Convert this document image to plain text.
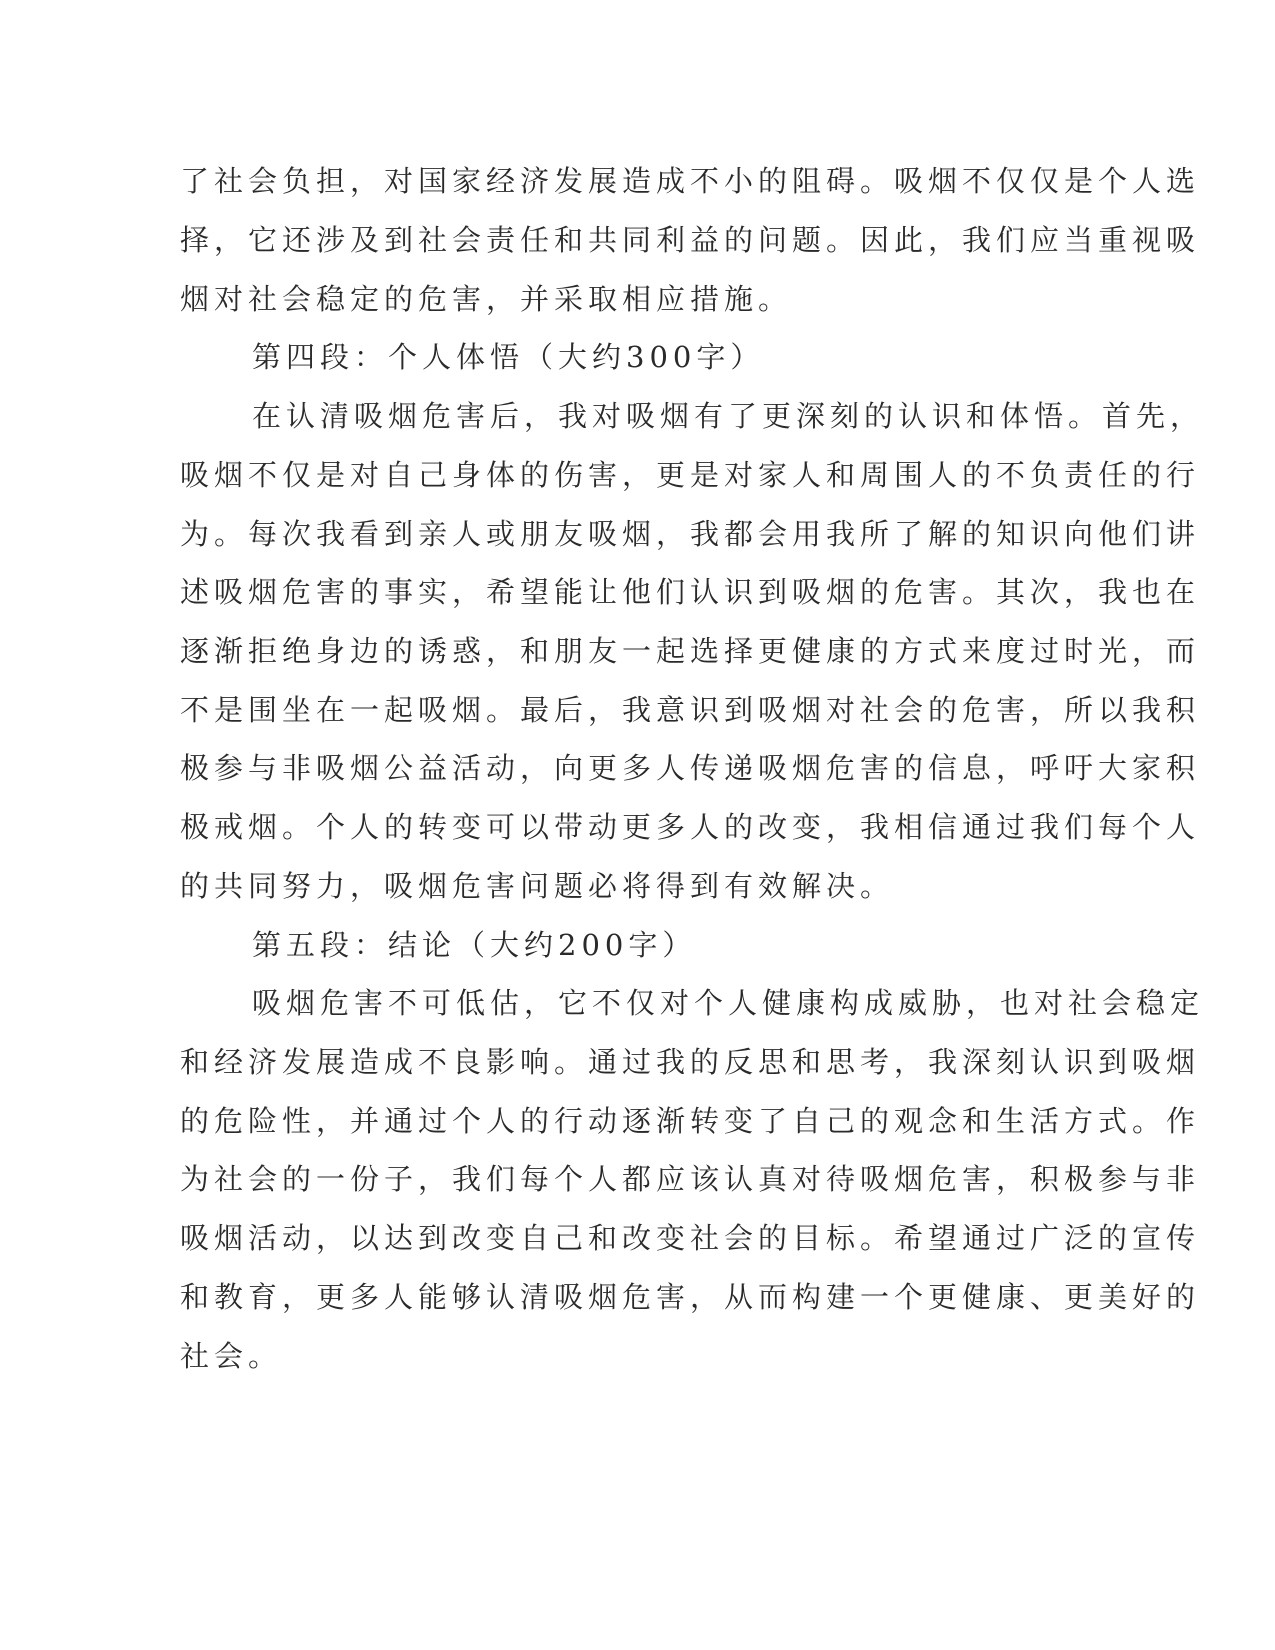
了社会负担，对国家经济发展造成不小的阻碍。吸烟不仅仅是个人选
择，它还涉及到社会责任和共同利益的问题。因此，我们应当重视吸
烟对社会稳定的危害，并采取相应措施。
第四段：个人体悟（大约300字）
在认清吸烟危害后，我对吸烟有了更深刻的认识和体悟。首先，
吸烟不仅是对自己身体的伤害，更是对家人和周围人的不负责任的行
为。每次我看到亲人或朋友吸烟，我都会用我所了解的知识向他们讲
述吸烟危害的事实，希望能让他们认识到吸烟的危害。其次，我也在
逐渐拒绝身边的诱惑，和朋友一起选择更健康的方式来度过时光，而
不是围坐在一起吸烟。最后，我意识到吸烟对社会的危害，所以我积
极参与非吸烟公益活动，向更多人传递吸烟危害的信息，呼吁大家积
极戒烟。个人的转变可以带动更多人的改变，我相信通过我们每个人
的共同努力，吸烟危害问题必将得到有效解决。
第五段：结论（大约200字）
吸烟危害不可低估，它不仅对个人健康构成威胁，也对社会稳定
和经济发展造成不良影响。通过我的反思和思考，我深刻认识到吸烟
的危险性，并通过个人的行动逐渐转变了自己的观念和生活方式。作
为社会的一份子，我们每个人都应该认真对待吸烟危害，积极参与非
吸烟活动，以达到改变自己和改变社会的目标。希望通过广泛的宣传
和教育，更多人能够认清吸烟危害，从而构建一个更健康、更美好的
社会。
